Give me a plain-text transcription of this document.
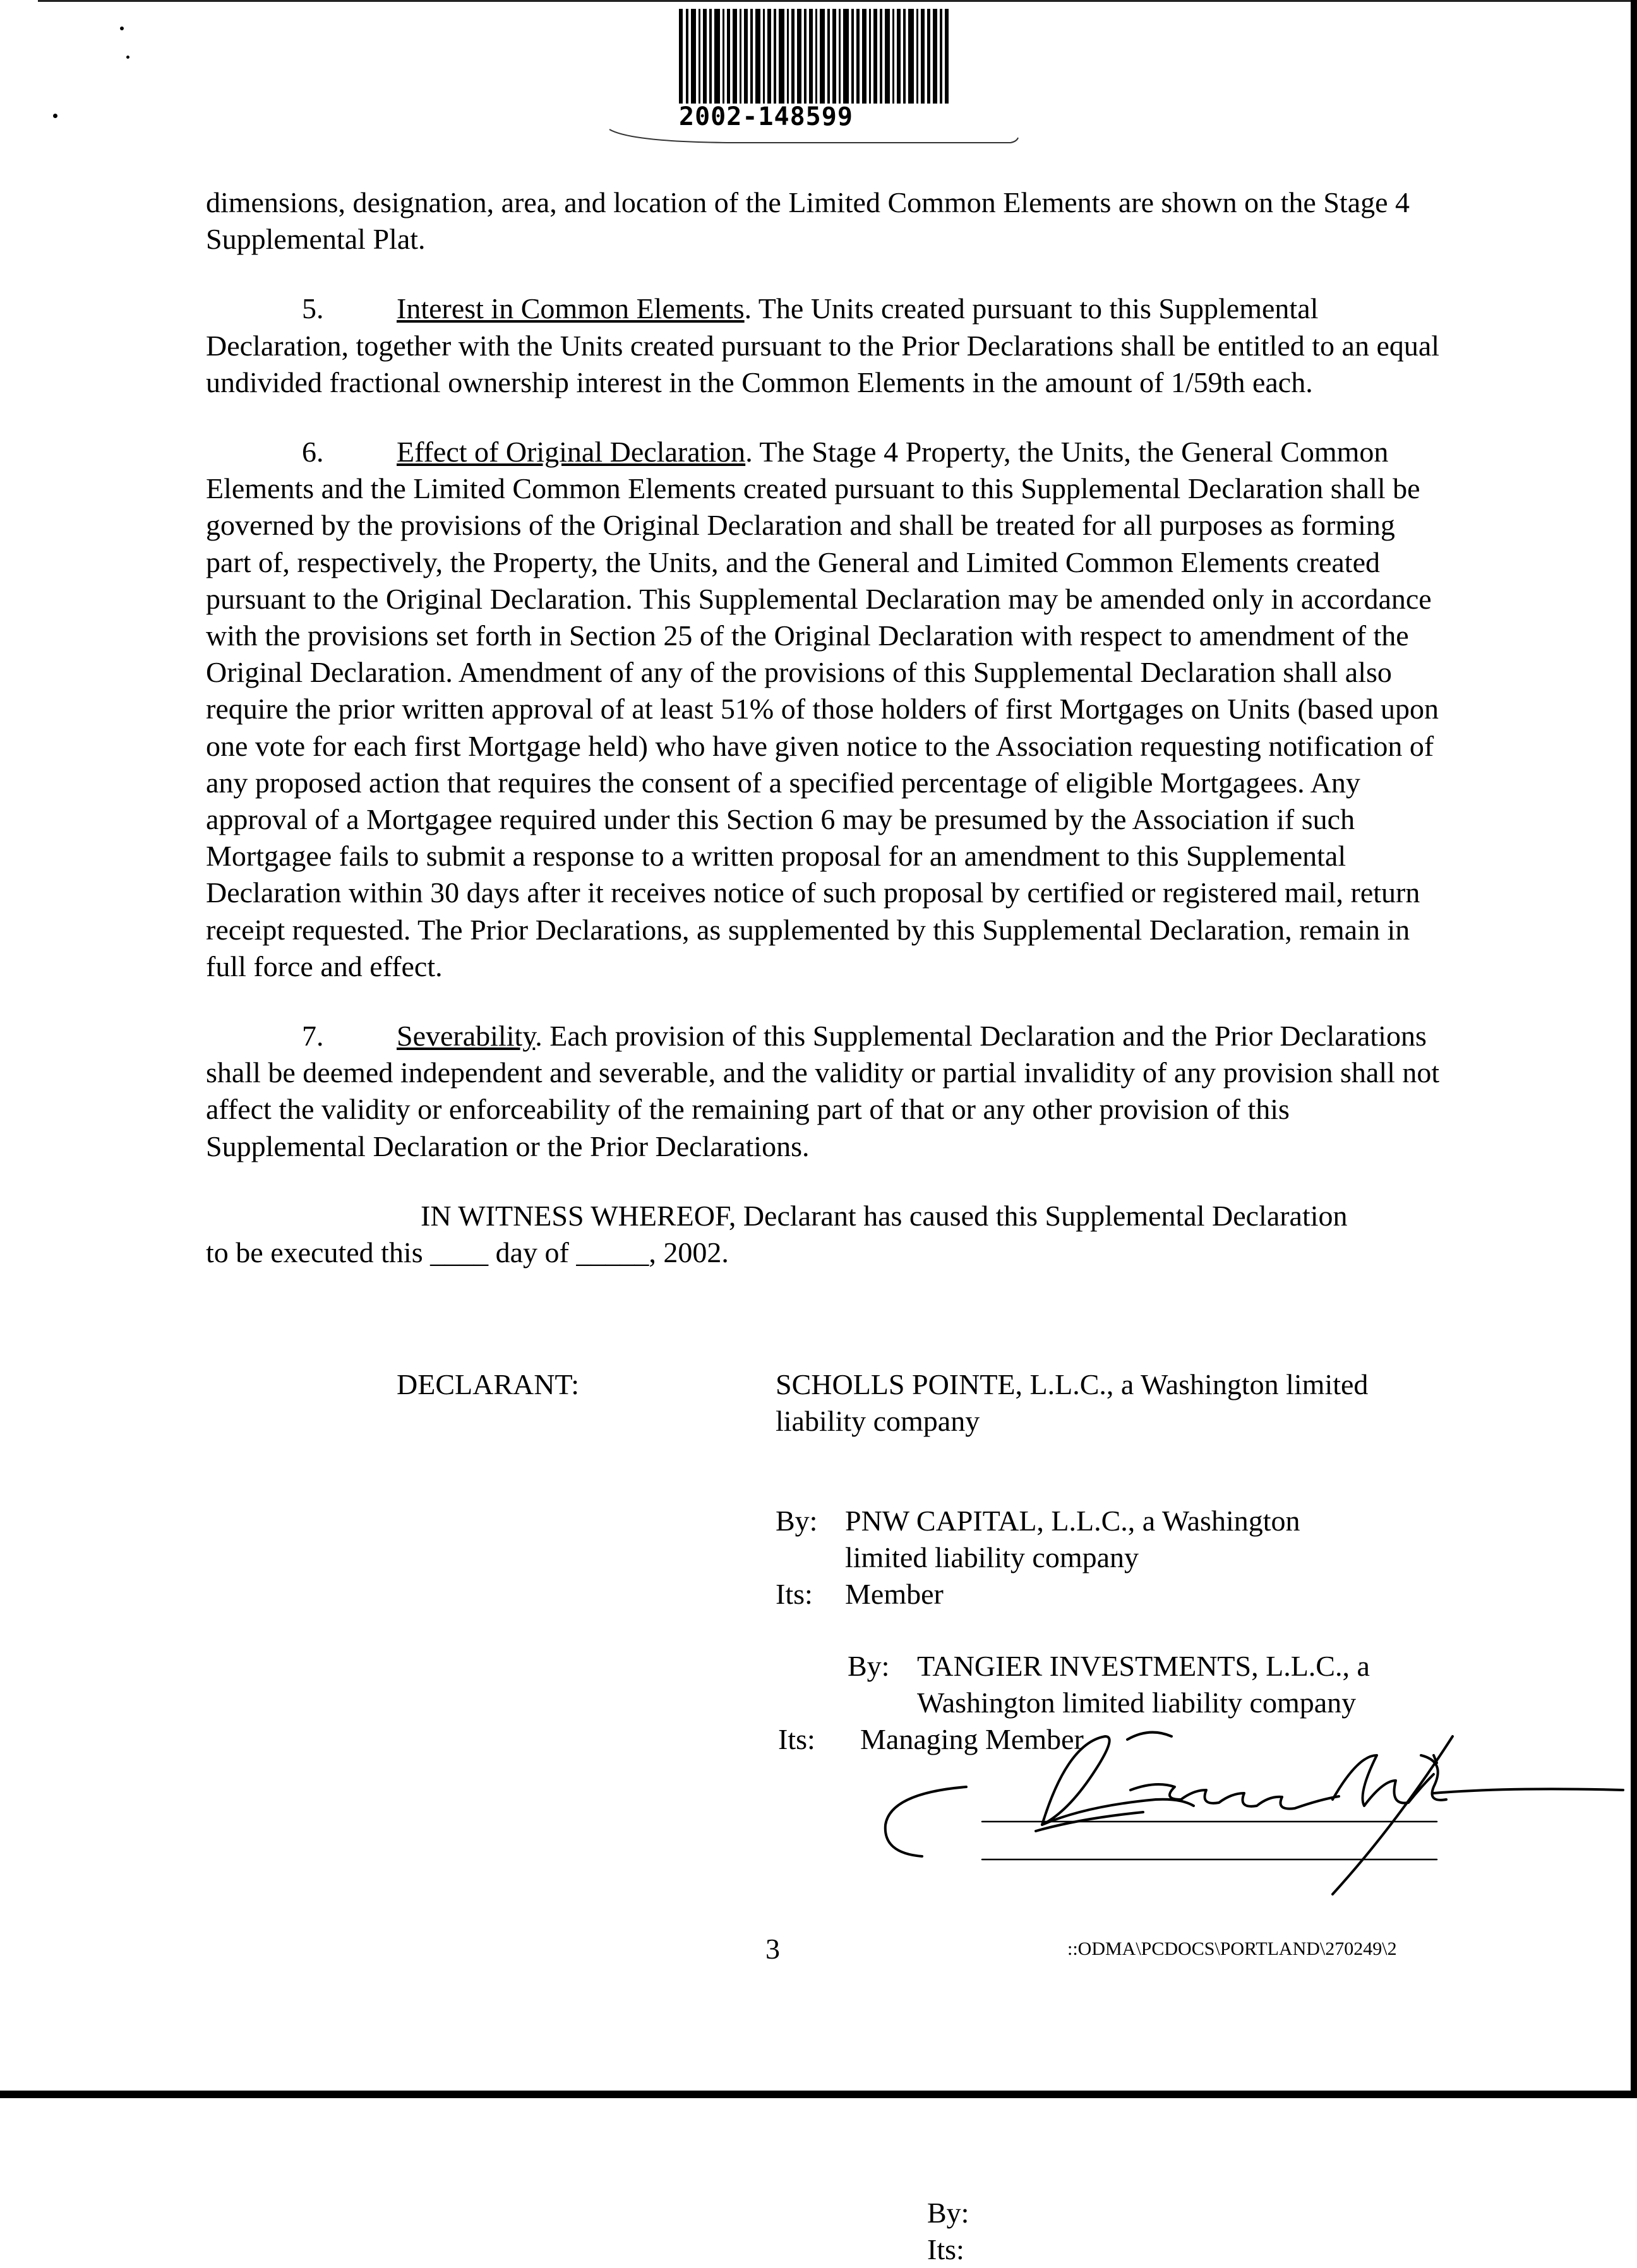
2002-148599

dimensions, designation, area, and location of the Limited Common Elements are shown on the Stage 4 Supplemental Plat.

5.	Interest in Common Elements. The Units created pursuant to this Supplemental Declaration, together with the Units created pursuant to the Prior Declarations shall be entitled to an equal undivided fractional ownership interest in the Common Elements in the amount of 1/59th each.

6.	Effect of Original Declaration. The Stage 4 Property, the Units, the General Common Elements and the Limited Common Elements created pursuant to this Supplemental Declaration shall be governed by the provisions of the Original Declaration and shall be treated for all purposes as forming part of, respectively, the Property, the Units, and the General and Limited Common Elements created pursuant to the Original Declaration. This Supplemental Declaration may be amended only in accordance with the provisions set forth in Section 25 of the Original Declaration with respect to amendment of the Original Declaration. Amendment of any of the provisions of this Supplemental Declaration shall also require the prior written approval of at least 51% of those holders of first Mortgages on Units (based upon one vote for each first Mortgage held) who have given notice to the Association requesting notification of any proposed action that requires the consent of a specified percentage of eligible Mortgagees. Any approval of a Mortgagee required under this Section 6 may be presumed by the Association if such Mortgagee fails to submit a response to a written proposal for an amendment to this Supplemental Declaration within 30 days after it receives notice of such proposal by certified or registered mail, return receipt requested. The Prior Declarations, as supplemented by this Supplemental Declaration, remain in full force and effect.

7.	Severability. Each provision of this Supplemental Declaration and the Prior Declarations shall be deemed independent and severable, and the validity or partial invalidity of any provision shall not affect the validity or enforceability of the remaining part of that or any other provision of this Supplemental Declaration or the Prior Declarations.

IN WITNESS WHEREOF, Declarant has caused this Supplemental Declaration
to be executed this ____ day of _____, 2002.

DECLARANT:	SCHOLLS POINTE, L.L.C., a Washington limited liability company
By: PNW CAPITAL, L.L.C., a Washington limited liability company
Its:	Member
By: TANGIER INVESTMENTS, L.L.C., a Washington limited liability company
Its:	Managing Member
By:
Its:
3	::ODMA\PCDOCS\PORTLAND\270249\2
